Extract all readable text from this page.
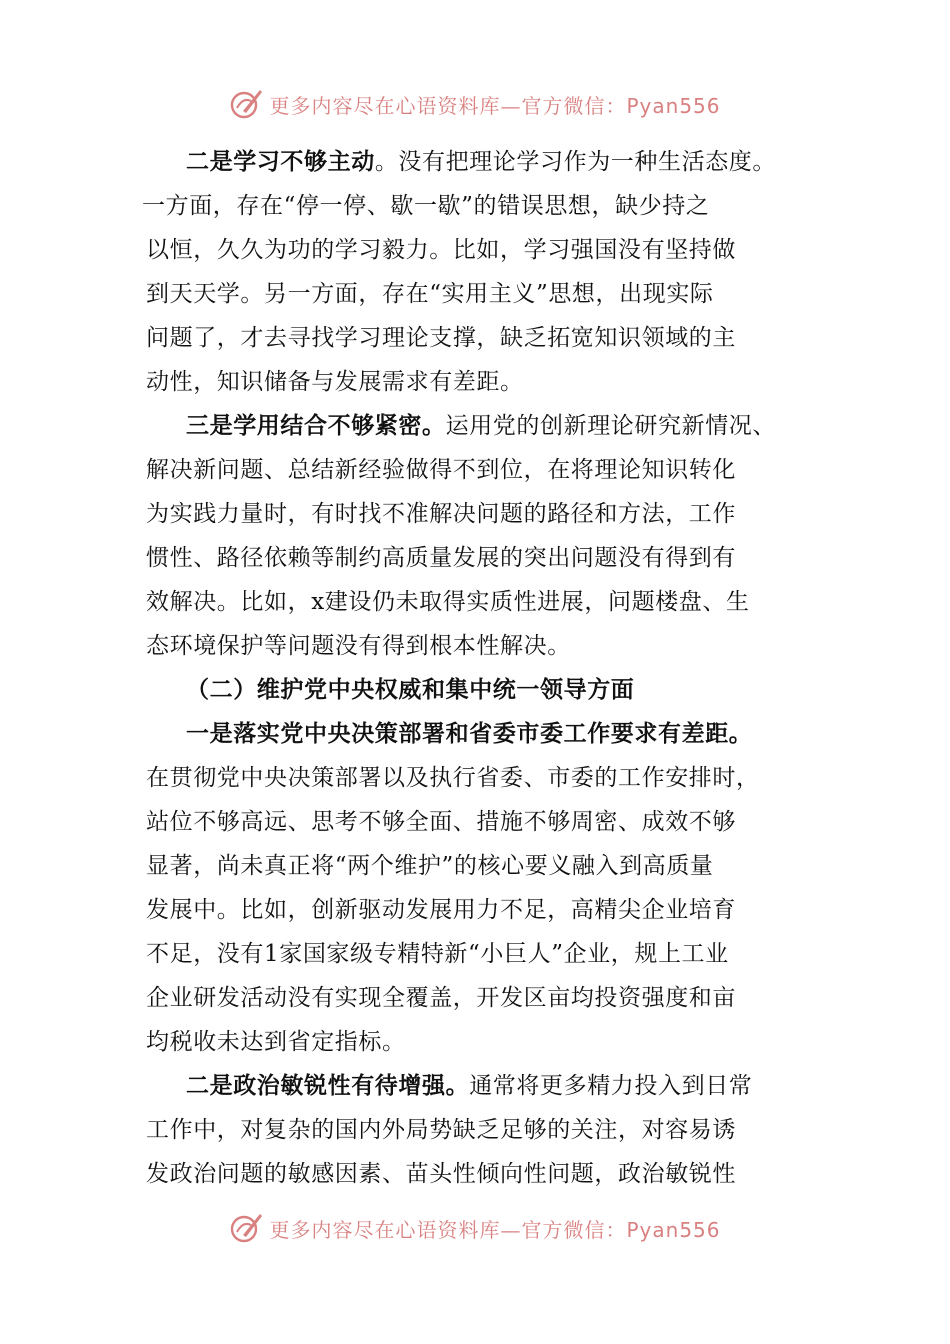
更多内容尽在心语资料库—官方微信：Pyan556
二是学习不够主动。没有把理论学习作为一种生活态度。
一方面，存在“停一停、歇一歇”的错误思想，缺少持之
以恒，久久为功的学习毅力。比如，学习强国没有坚持做
到天天学。另一方面，存在“实用主义”思想，出现实际
问题了，才去寻找学习理论支撑，缺乏拓宽知识领域的主
动性，知识储备与发展需求有差距。
三是学用结合不够紧密。运用党的创新理论研究新情况、
解决新问题、总结新经验做得不到位，在将理论知识转化
为实践力量时，有时找不准解决问题的路径和方法，工作
惯性、路径依赖等制约高质量发展的突出问题没有得到有
效解决。比如，x建设仍未取得实质性进展，问题楼盘、生
态环境保护等问题没有得到根本性解决。
（二）维护党中央权威和集中统一领导方面
一是落实党中央决策部署和省委市委工作要求有差距。
在贯彻党中央决策部署以及执行省委、市委的工作安排时，
站位不够高远、思考不够全面、措施不够周密、成效不够
显著，尚未真正将“两个维护”的核心要义融入到高质量
发展中。比如，创新驱动发展用力不足，高精尖企业培育
不足，没有1家国家级专精特新“小巨人”企业，规上工业
企业研发活动没有实现全覆盖，开发区亩均投资强度和亩
均税收未达到省定指标。
二是政治敏锐性有待增强。通常将更多精力投入到日常
工作中，对复杂的国内外局势缺乏足够的关注，对容易诱
发政治问题的敏感因素、苗头性倾向性问题，政治敏锐性
更多内容尽在心语资料库—官方微信：Pyan556
